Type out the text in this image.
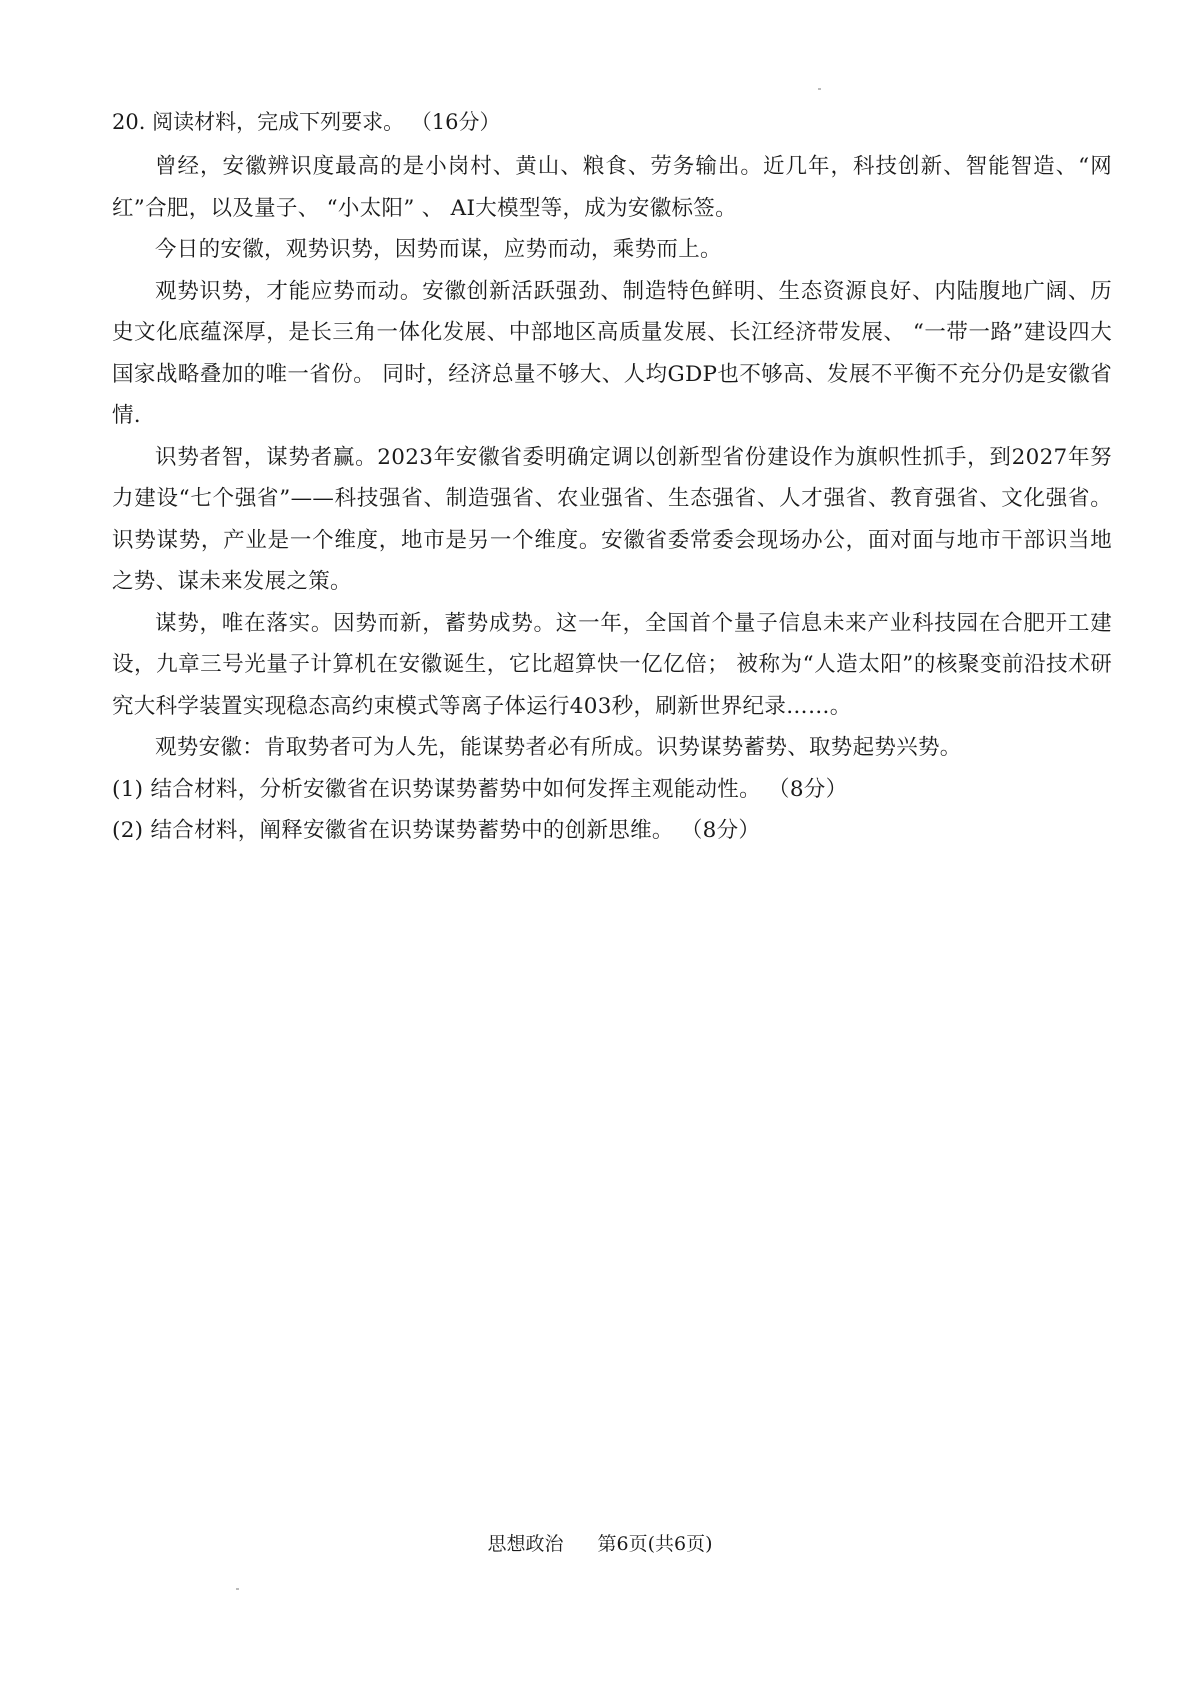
20. 阅读材料，完成下列要求。 （16分）

曾经，安徽辨识度最高的是小岗村、黄山、粮食、劳务输出。近几年，科技创新、智能智造、“网红”合肥，以及量子、 “小太阳” 、 AI大模型等，成为安徽标签。

今日的安徽，观势识势，因势而谋，应势而动，乘势而上。

观势识势，才能应势而动。安徽创新活跃强劲、制造特色鲜明、生态资源良好、内陆腹地广阔、历史文化底蕴深厚，是长三角一体化发展、中部地区高质量发展、长江经济带发展、 “一带一路”建设四大国家战略叠加的唯一省份。 同时，经济总量不够大、人均GDP也不够高、发展不平衡不充分仍是安徽省情.

识势者智，谋势者赢。2023年安徽省委明确定调以创新型省份建设作为旗帜性抓手，到2027年努力建设“七个强省”——科技强省、制造强省、农业强省、生态强省、人才强省、教育强省、文化强省。识势谋势，产业是一个维度，地市是另一个维度。安徽省委常委会现场办公，面对面与地市干部识当地之势、谋未来发展之策。

谋势，唯在落实。因势而新，蓄势成势。这一年，全国首个量子信息未来产业科技园在合肥开工建设，九章三号光量子计算机在安徽诞生，它比超算快一亿亿倍； 被称为“人造太阳”的核聚变前沿技术研究大科学装置实现稳态高约束模式等离子体运行403秒，刷新世界纪录……。

观势安徽：肯取势者可为人先，能谋势者必有所成。识势谋势蓄势、取势起势兴势。

(1) 结合材料，分析安徽省在识势谋势蓄势中如何发挥主观能动性。 （8分）

(2) 结合材料，阐释安徽省在识势谋势蓄势中的创新思维。 （8分）

思想政治 第6页(共6页)
